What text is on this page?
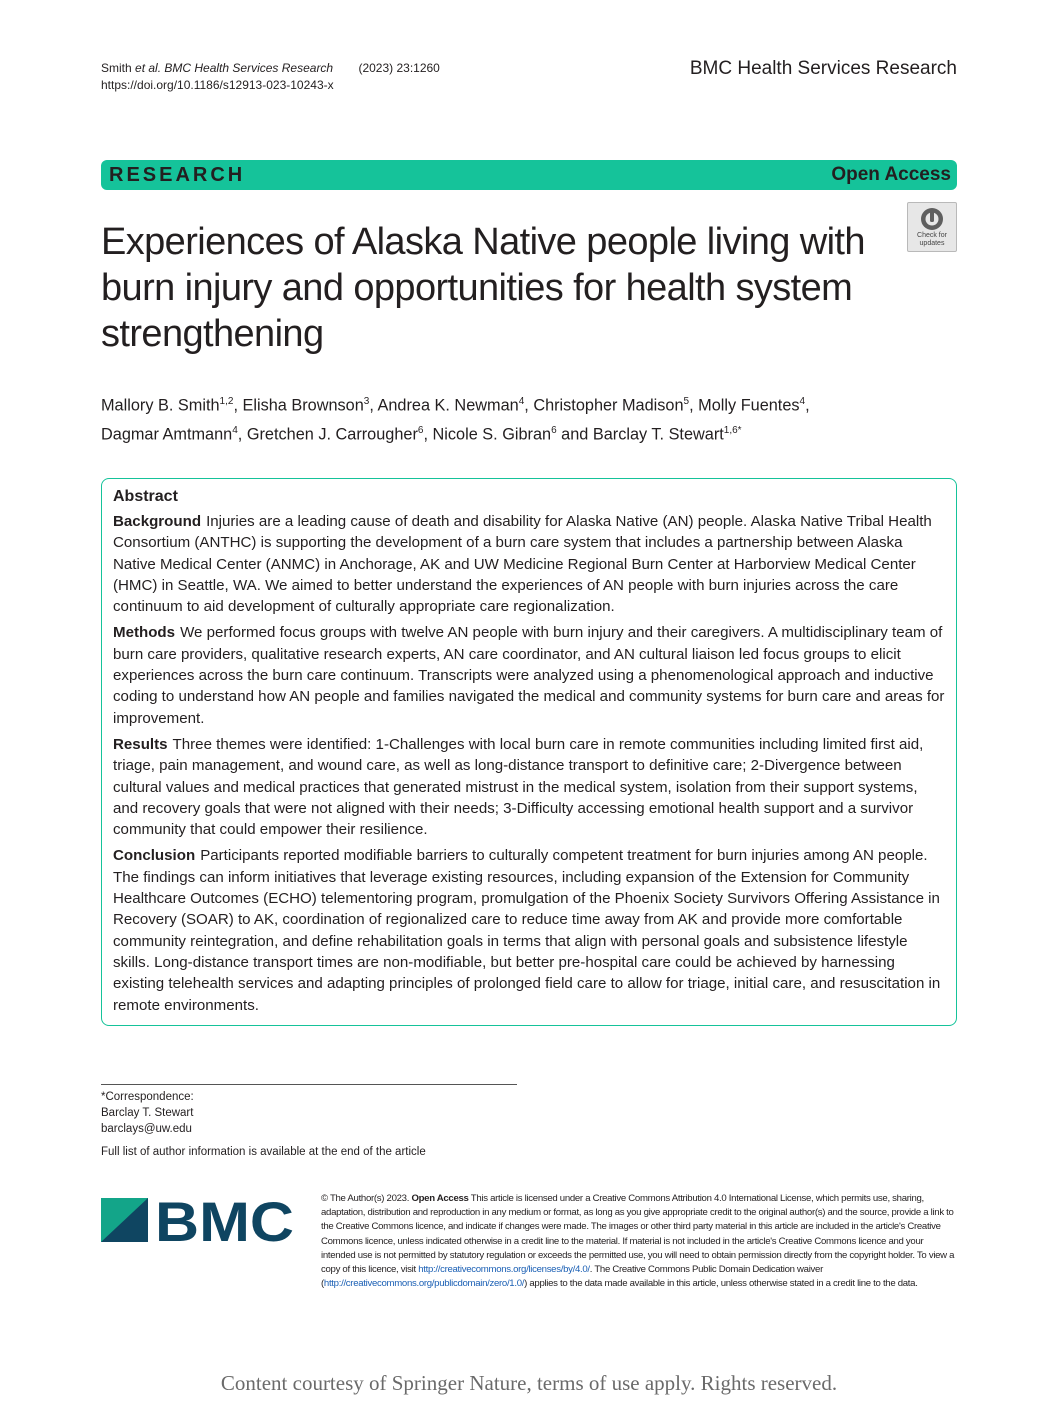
Smith et al. BMC Health Services Research (2023) 23:1260
https://doi.org/10.1186/s12913-023-10243-x
BMC Health Services Research
RESEARCH	Open Access
Check for
updates
Experiences of Alaska Native people living with burn injury and opportunities for health system strengthening
Mallory B. Smith$^{1,2}$, Elisha Brownson$^3$, Andrea K. Newman$^4$, Christopher Madison$^5$, Molly Fuentes$^4$,
Dagmar Amtmann$^4$, Gretchen J. Carrougher$^6$, Nicole S. Gibran$^6$ and Barclay T. Stewart$^{1,6*}$
Abstract

Background Injuries are a leading cause of death and disability for Alaska Native (AN) people. Alaska Native Tribal Health Consortium (ANTHC) is supporting the development of a burn care system that includes a partnership between Alaska Native Medical Center (ANMC) in Anchorage, AK and UW Medicine Regional Burn Center at Harborview Medical Center (HMC) in Seattle, WA. We aimed to better understand the experiences of AN people with burn injuries across the care continuum to aid development of culturally appropriate care regionalization.

Methods We performed focus groups with twelve AN people with burn injury and their caregivers. A multidisciplinary team of burn care providers, qualitative research experts, AN care coordinator, and AN cultural liaison led focus groups to elicit experiences across the burn care continuum. Transcripts were analyzed using a phenomenological approach and inductive coding to understand how AN people and families navigated the medical and community systems for burn care and areas for improvement.

Results Three themes were identified: 1-Challenges with local burn care in remote communities including limited first aid, triage, pain management, and wound care, as well as long-distance transport to definitive care; 2-Divergence between cultural values and medical practices that generated mistrust in the medical system, isolation from their support systems, and recovery goals that were not aligned with their needs; 3-Difficulty accessing emotional health support and a survivor community that could empower their resilience.

Conclusion Participants reported modifiable barriers to culturally competent treatment for burn injuries among AN people. The findings can inform initiatives that leverage existing resources, including expansion of the Extension for Community Healthcare Outcomes (ECHO) telementoring program, promulgation of the Phoenix Society Survivors Offering Assistance in Recovery (SOAR) to AK, coordination of regionalized care to reduce time away from AK and provide more comfortable community reintegration, and define rehabilitation goals in terms that align with personal goals and subsistence lifestyle skills. Long-distance transport times are non-modifiable, but better pre-hospital care could be achieved by harnessing existing telehealth services and adapting principles of prolonged field care to allow for triage, initial care, and resuscitation in remote environments.

*Correspondence:
Barclay T. Stewart
barclays@uw.edu
Full list of author information is available at the end of the article
BMC	© The Author(s) 2023. Open Access This article is licensed under a Creative Commons Attribution 4.0 International License, which permits use, sharing, adaptation, distribution and reproduction in any medium or format, as long as you give appropriate credit to the original author(s) and the source, provide a link to the Creative Commons licence, and indicate if changes were made. The images or other third party material in this article are included in the article's Creative Commons licence, unless indicated otherwise in a credit line to the material. If material is not included in the article's Creative Commons licence and your intended use is not permitted by statutory regulation or exceeds the permitted use, you will need to obtain permission directly from the copyright holder. To view a copy of this licence, visit http://creativecommons.org/licenses/by/4.0/. The Creative Commons Public Domain Dedication waiver (http://creativecommons.org/publicdomain/zero/1.0/) applies to the data made available in this article, unless otherwise stated in a credit line to the data.
Content courtesy of Springer Nature, terms of use apply. Rights reserved.
